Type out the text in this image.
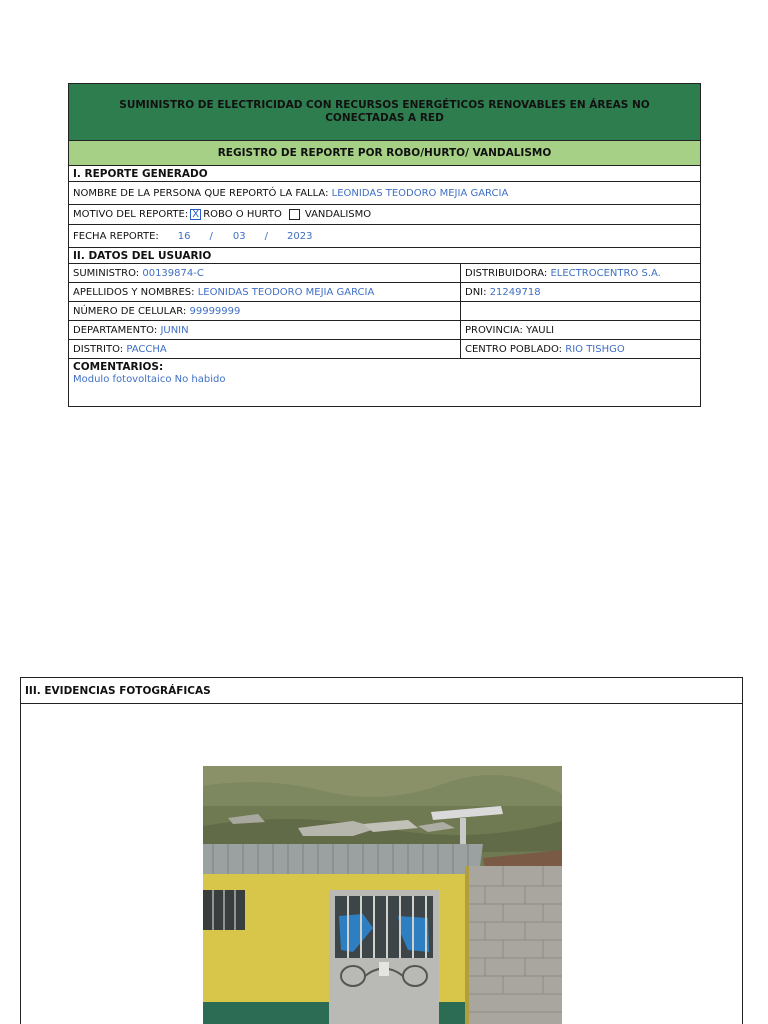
SUMINISTRO DE ELECTRICIDAD CON RECURSOS ENERGÉTICOS RENOVABLES EN ÁREAS NO CONECTADAS A RED
REGISTRO DE REPORTE POR ROBO/HURTO/ VANDALISMO
I. REPORTE GENERADO
NOMBRE DE LA PERSONA QUE REPORTÓ LA FALLA:
LEONIDAS TEODORO MEJIA GARCIA
MOTIVO DEL REPORTE:
X ROBO O HURTO VANDALISMO
FECHA REPORTE: 16 / 03 / 2023
II. DATOS DEL USUARIO
SUMINISTRO:
00139874-C	DISTRIBUIDORA:
ELECTROCENTRO S.A.
APELLIDOS Y NOMBRES:
LEONIDAS TEODORO MEJIA GARCIA	DNI:
21249718
NÚMERO DE CELULAR:
99999999
DEPARTAMENTO:
JUNIN	PROVINCIA:
YAULI
DISTRITO:
PACCHA	CENTRO POBLADO:
RIO TISHGO
COMENTARIOS:
Modulo fotovoltaico No habido
III. EVIDENCIAS FOTOGRÁFICAS
